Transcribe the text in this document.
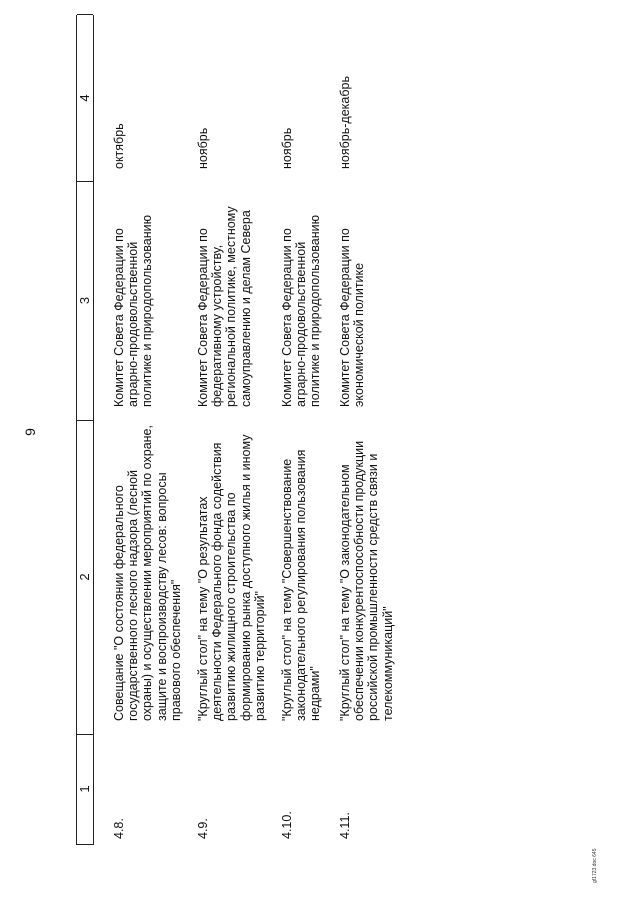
9
1
2
3
4
4.8.
Совещание "О состоянии федерального государственного лесного надзора (лесной охраны) и осуществлении мероприятий по охране, защите и воспроизводству лесов: вопросы правового обеспечения"
Комитет Совета Федерации по аграрно-продовольственной политике и природопользованию
октябрь
4.9.
"Круглый стол" на тему "О результатах деятельности Федерального фонда содействия развитию жилищного строительства по формированию рынка доступного жилья и иному развитию территорий"
Комитет Совета Федерации по федеративному устройству, региональной политике, местному самоуправлению и делам Севера
ноябрь
4.10.
"Круглый стол" на тему "Совершенствование законодательного регулирования пользования недрами"
Комитет Совета Федерации по аграрно-продовольственной политике и природопользованию
ноябрь
4.11.
"Круглый стол" на тему "О законодательном обеспечении конкурентоспособности продукции российской промышленности средств связи и телекоммуникаций"
Комитет Совета Федерации по экономической политике
ноябрь-декабрь
gf1723.doc 645
